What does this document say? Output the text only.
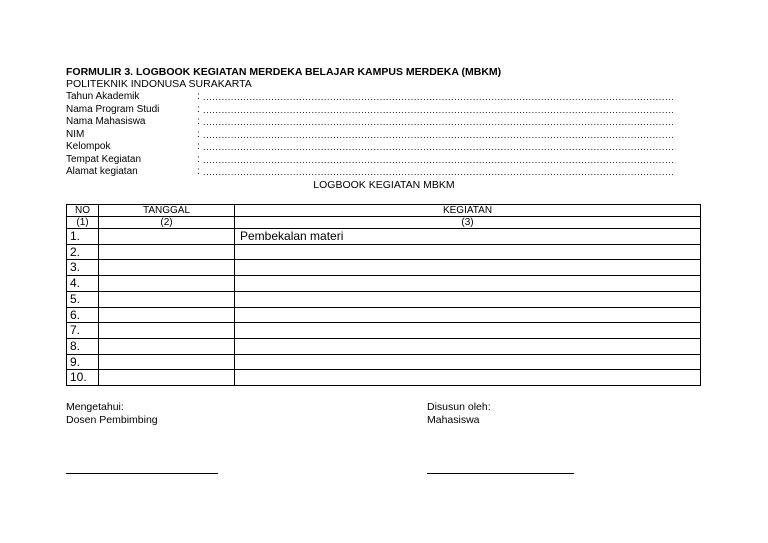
FORMULIR 3. LOGBOOK KEGIATAN MERDEKA BELAJAR KAMPUS MERDEKA (MBKM)
POLITEKNIK INDONUSA SURAKARTA
Tahun Akademik	: ........................................................................................................................................................
Nama Program Studi	: ........................................................................................................................................................
Nama Mahasiswa	: ........................................................................................................................................................
NIM	: ........................................................................................................................................................
Kelompok	: ........................................................................................................................................................
Tempat Kegiatan	: ........................................................................................................................................................
Alamat kegiatan	: ........................................................................................................................................................
LOGBOOK KEGIATAN MBKM
NO	TANGGAL	KEGIATAN
(1)	(2)	(3)
1.		Pembekalan materi
2.		
3.		
4.		
5.		
6.		
7.		
8.		
9.		
10.		
Mengetahui:
Dosen Pembimbing
Disusun oleh:
Mahasiswa
